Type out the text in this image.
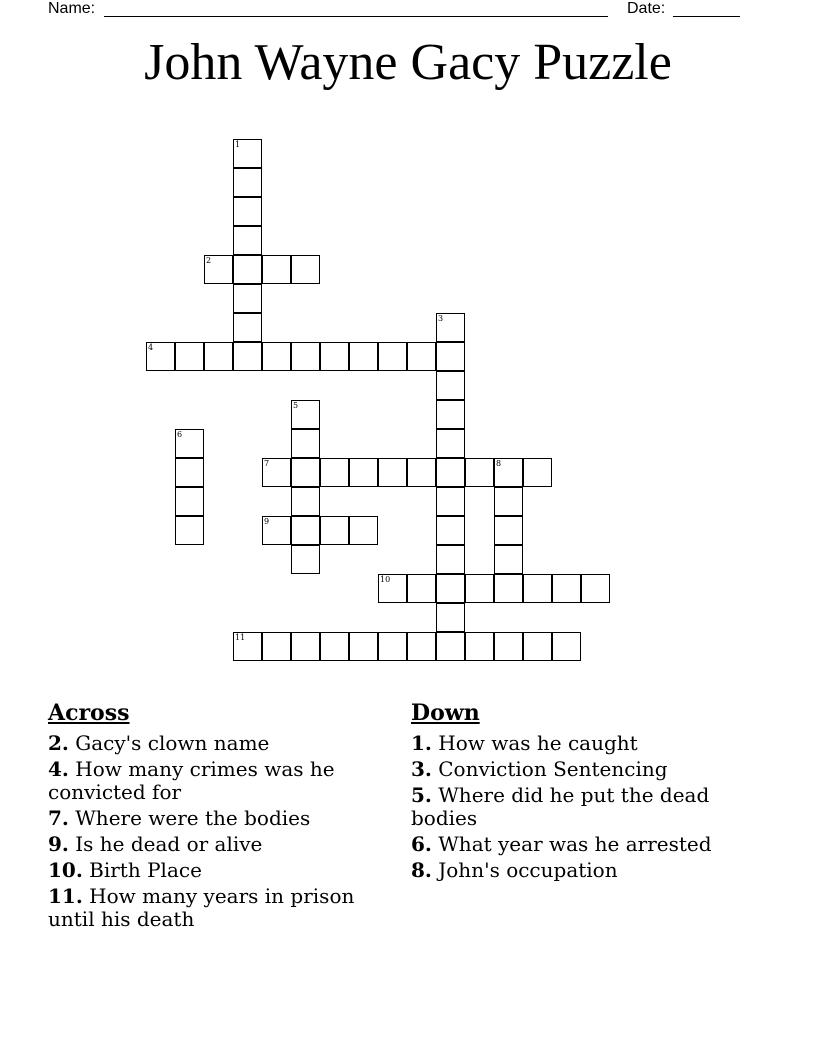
Name:	Date:
John Wayne Gacy Puzzle
1
2
3
4
5
6
7	8
9
10
11
Across
2. Gacy's clown name
4. How many crimes was he convicted for
7. Where were the bodies
9. Is he dead or alive
10. Birth Place
11. How many years in prison until his death
Down
1. How was he caught
3. Conviction Sentencing
5. Where did he put the dead bodies
6. What year was he arrested
8. John's occupation
